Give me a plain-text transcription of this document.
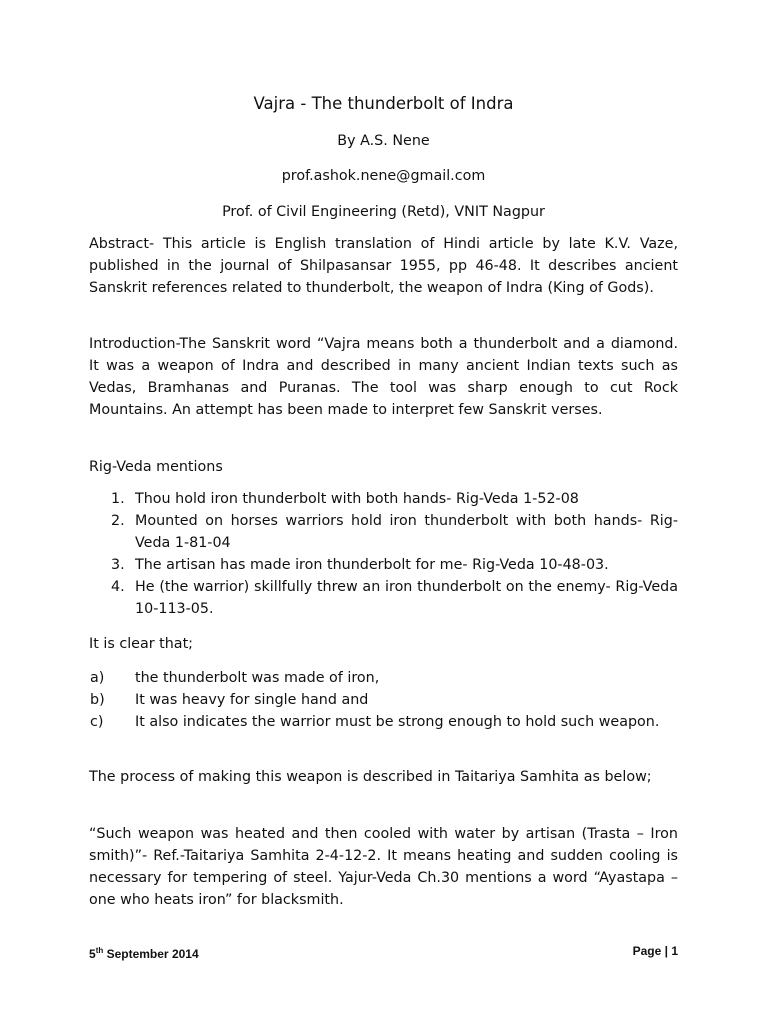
Vajra - The thunderbolt of Indra
By A.S. Nene
prof.ashok.nene@gmail.com
Prof. of Civil Engineering (Retd), VNIT Nagpur

Abstract- This article is English translation of Hindi article by late K.V. Vaze, published in the journal of Shilpasansar 1955, pp 46-48. It describes ancient Sanskrit references related to thunderbolt, the weapon of Indra (King of Gods).

Introduction-The Sanskrit word “Vajra means both a thunderbolt and a diamond. It was a weapon of Indra and described in many ancient Indian texts such as Vedas, Bramhanas and Puranas. The tool was sharp enough to cut Rock Mountains. An attempt has been made to interpret few Sanskrit verses.

Rig-Veda mentions

1. Thou hold iron thunderbolt with both hands- Rig-Veda 1-52-08
2. Mounted on horses warriors hold iron thunderbolt with both hands- Rig-Veda 1-81-04
3. The artisan has made iron thunderbolt for me- Rig-Veda 10-48-03.
4. He (the warrior) skillfully threw an iron thunderbolt on the enemy- Rig-Veda 10-113-05.

It is clear that;

a) the thunderbolt was made of iron,
b) It was heavy for single hand and
c) It also indicates the warrior must be strong enough to hold such weapon.

The process of making this weapon is described in Taitariya Samhita as below;

“Such weapon was heated and then cooled with water by artisan (Trasta – Iron smith)”- Ref.-Taitariya Samhita 2-4-12-2. It means heating and sudden cooling is necessary for tempering of steel. Yajur-Veda Ch.30 mentions a word “Ayastapa –one who heats iron” for blacksmith.

5th September 2014	Page | 1
